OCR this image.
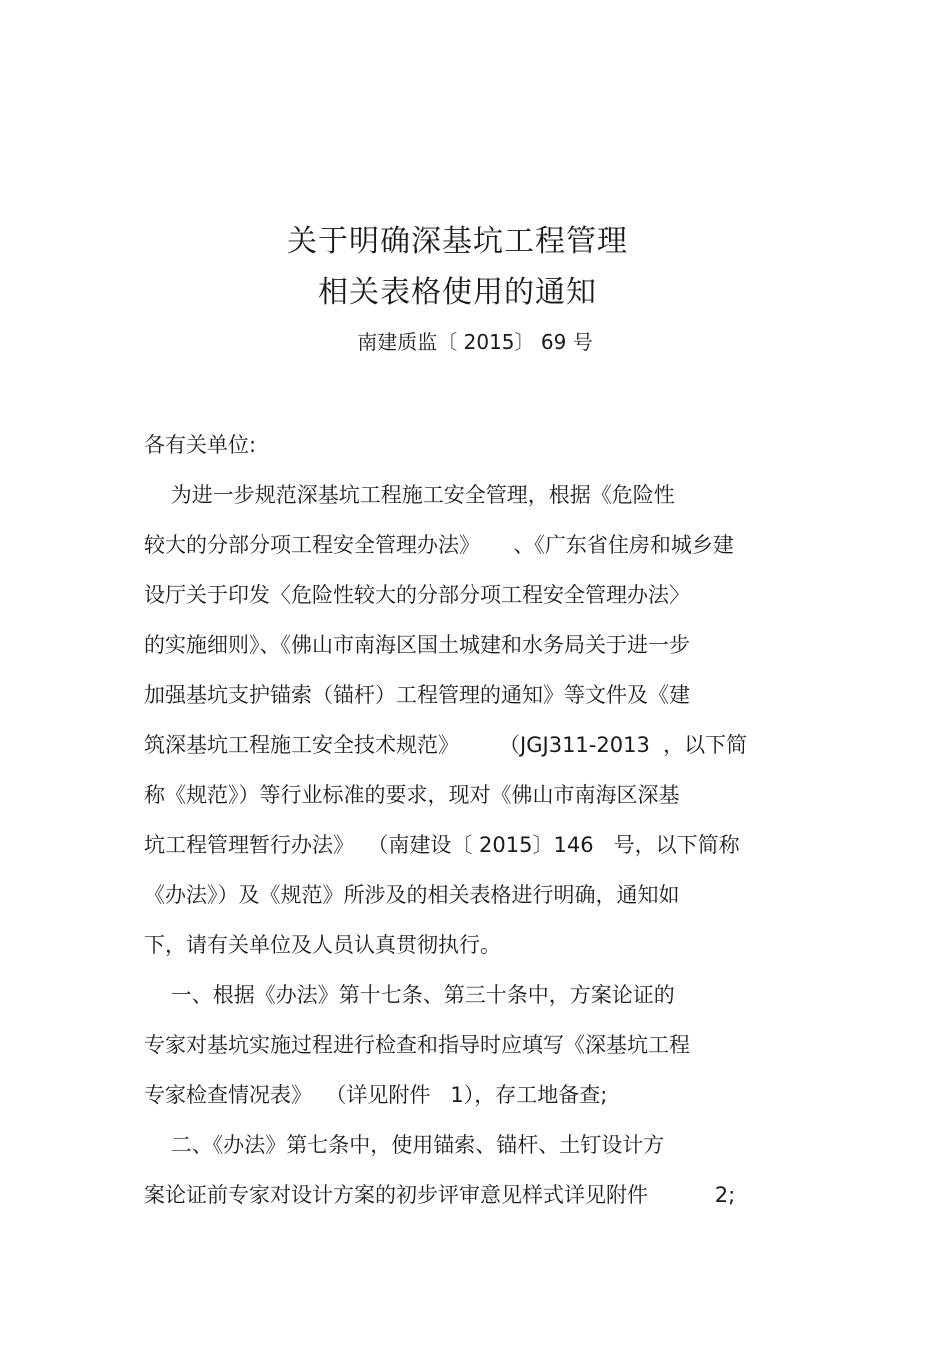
关于明确深基坑工程管理
相关表格使用的通知
南建质监〔 2015〕 69 号
各有关单位:
为进一步规范深基坑工程施工安全管理，根据《危险性
较大的分部分项工程安全管理办法》     、《广东省住房和城乡建
设厅关于印发〈危险性较大的分部分项工程安全管理办法〉
的实施细则》、《佛山市南海区国土城建和水务局关于进一步
加强基坑支护锚索（锚杆）工程管理的通知》等文件及《建
筑深基坑工程施工安全技术规范》      （JGJ311-2013  ，以下简
称《规范》）等行业标准的要求，现对《佛山市南海区深基
坑工程管理暂行办法》  （南建设〔 2015〕146   号，以下简称
《办法》）及《规范》所涉及的相关表格进行明确，通知如
下，请有关单位及人员认真贯彻执行。
一、根据《办法》第十七条、第三十条中，方案论证的
专家对基坑实施过程进行检查和指导时应填写《深基坑工程
专家检查情况表》  （详见附件   1），存工地备查;
二、《办法》第七条中，使用锚索、锚杆、土钉设计方
案论证前专家对设计方案的初步评审意见样式详见附件          2;
